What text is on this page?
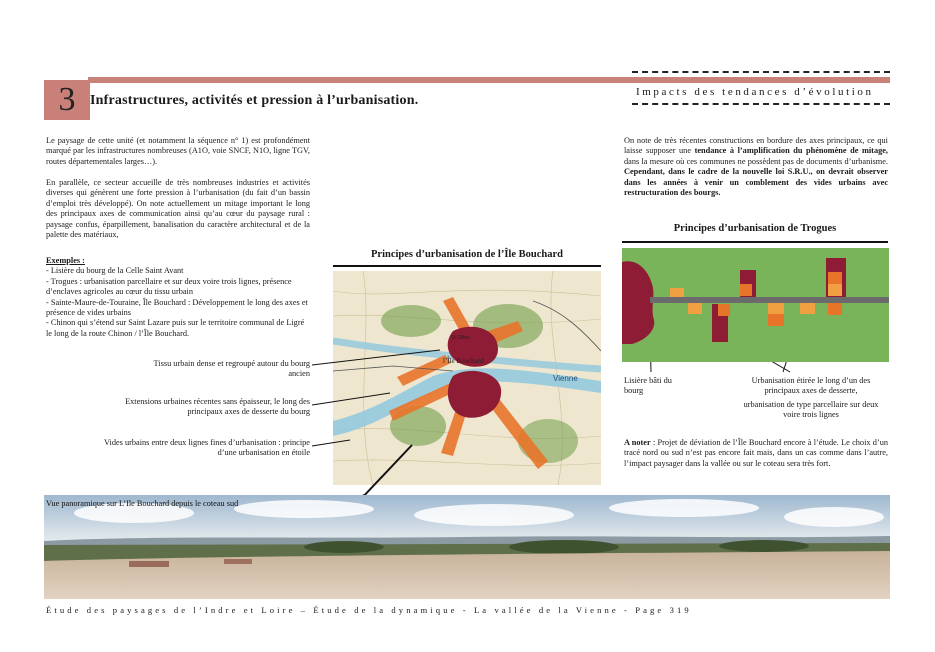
3	Infrastructures, activités et pression à l’urbanisation.
Impacts des tendances d’évolution
Le paysage de cette unité (et notamment la séquence n° 1) est profondément marqué par les infrastructures nombreuses (A1O, voie SNCF, N1O, ligne TGV, routes départementales larges…).
En parallèle, ce secteur accueille de très nombreuses industries et activités diverses qui génèrent une forte pression à l’urbanisation (du fait d’un bassin d’emploi très développé). On note actuellement un mitage important le long des principaux axes de communication ainsi qu’au cœur du paysage rural : paysage confus, éparpillement, banalisation du caractère architectural et de la palette des matériaux,
Exemples :
- Lisière du bourg de la Celle Saint Avant
- Trogues : urbanisation parcellaire et sur deux voire trois lignes, présence d’enclaves agricoles au cœur du tissu urbain
- Sainte-Maure-de-Touraine, Île Bouchard : Développement le long des axes et présence de vides urbains
- Chinon qui s’étend sur Saint Lazare puis sur le territoire communal de Ligré le long de la route Chinon / l’Île Bouchard.
Tissu urbain dense et regroupé autour du bourg ancien
Extensions urbaines récentes sans épaisseur, le long des principaux axes de desserte du bourg
Vides urbains entre deux lignes fines d’urbanisation : principe d’une urbanisation en étoile
Principes d’urbanisation de l’Île Bouchard
l’Île Bouchard
Vienne
St Gilles
On note de très récentes constructions en bordure des axes principaux, ce qui laisse supposer une tendance à l’amplification du phénomène de mitage, dans la mesure où ces communes ne possèdent pas de documents d’urbanisme. Cependant, dans le cadre de la nouvelle loi S.R.U., on devrait observer dans les années à venir un comblement des vides urbains avec restructuration des bourgs.
Principes d’urbanisation de Trogues
Lisière bâti du bourg
Urbanisation étirée le long d’un des principaux axes de desserte,
urbanisation de type parcellaire sur deux voire trois lignes
A noter : Projet de déviation de l’Île Bouchard encore à l’étude. Le choix d’un tracé nord ou sud n’est pas encore fait mais, dans un cas comme dans l’autre, l’impact paysager dans la vallée ou sur le coteau sera très fort.
Vue panoramique sur L’Ile Bouchard depuis le coteau sud
Étude des paysages de l’Indre et Loire – Étude de la dynamique - La vallée de la Vienne - Page 319
